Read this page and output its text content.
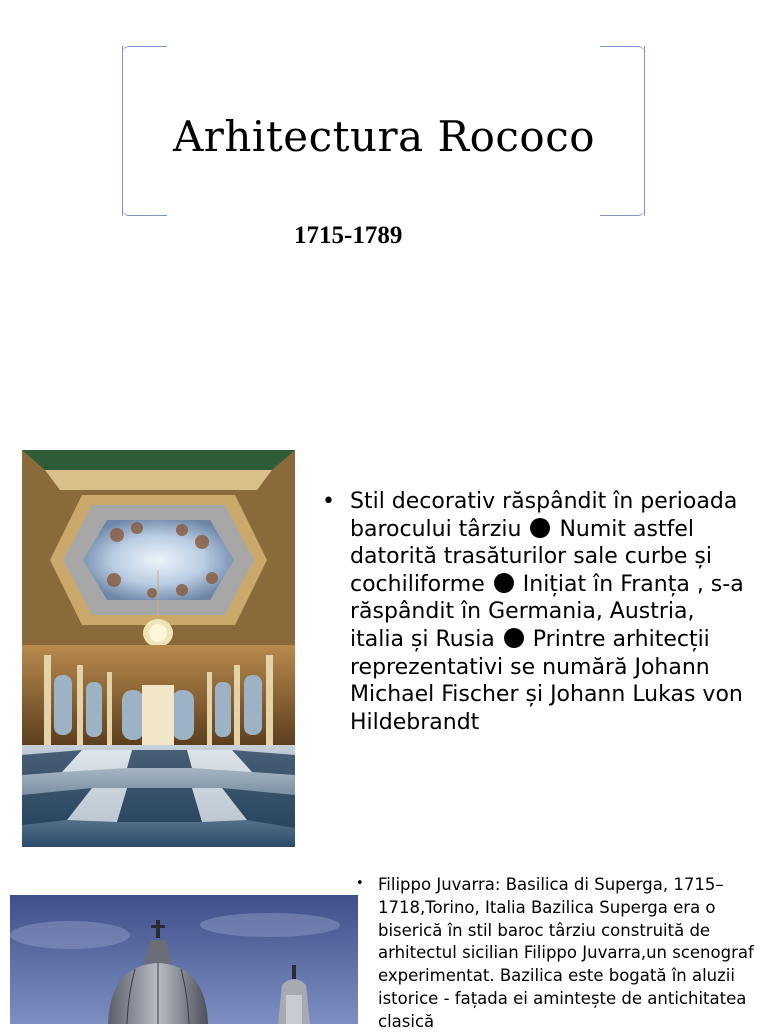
Arhitectura Rococo
1715-1789
• Stil decorativ răspândit în perioada barocului târziu Numit astfel datorită trasăturilor sale curbe și cochiliforme Inițiat în Franța , s-a răspândit în Germania, Austria, italia și Rusia Printre arhitecții reprezentativi se numără Johann Michael Fischer și Johann Lukas von Hildebrandt
• Filippo Juvarra: Basilica di Superga, 1715–1718,Torino, Italia Bazilica Superga era o biserică în stil baroc târziu construită de arhitectul sicilian Filippo Juvarra,un scenograf experimentat. Bazilica este bogată în aluzii istorice - fațada ei amintește de antichitatea clasică
